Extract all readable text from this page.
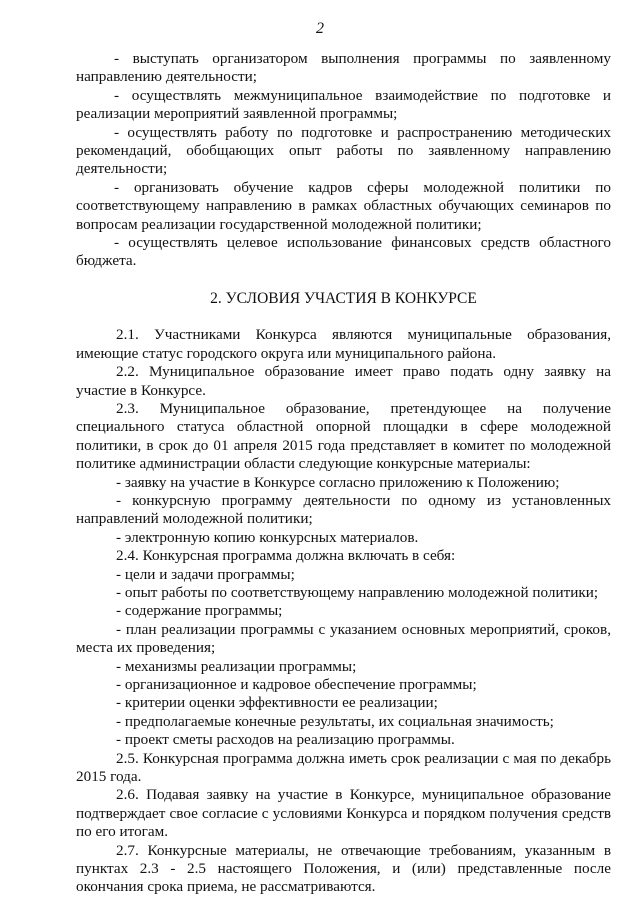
2

- выступать организатором выполнения программы по заявленному направлению деятельности;

- осуществлять межмуниципальное взаимодействие по подготовке и реализации мероприятий заявленной программы;

- осуществлять работу по подготовке и распространению методических рекомендаций, обобщающих опыт работы по заявленному направлению деятельности;

- организовать обучение кадров сферы молодежной политики по соответствующему направлению в рамках областных обучающих семинаров по вопросам реализации государственной молодежной политики;

- осуществлять целевое использование финансовых средств областного бюджета.

2. УСЛОВИЯ УЧАСТИЯ В КОНКУРСЕ

2.1. Участниками Конкурса являются муниципальные образования, имеющие статус городского округа или муниципального района.

2.2. Муниципальное образование имеет право подать одну заявку на участие в Конкурсе.

2.3. Муниципальное образование, претендующее на получение специального статуса областной опорной площадки в сфере молодежной политики, в срок до 01 апреля 2015 года представляет в комитет по молодежной политике администрации области следующие конкурсные материалы:

- заявку на участие в Конкурсе согласно приложению к Положению;

- конкурсную программу деятельности по одному из установленных направлений молодежной политики;

- электронную копию конкурсных материалов.

2.4. Конкурсная программа должна включать в себя:

- цели и задачи программы;

- опыт работы по соответствующему направлению молодежной политики;

- содержание программы;

- план реализации программы с указанием основных мероприятий, сроков, места их проведения;

- механизмы реализации программы;

- организационное и кадровое обеспечение программы;

- критерии оценки эффективности ее реализации;

- предполагаемые конечные результаты, их социальная значимость;

- проект сметы расходов на реализацию программы.

2.5. Конкурсная программа должна иметь срок реализации с мая по декабрь 2015 года.

2.6. Подавая заявку на участие в Конкурсе, муниципальное образование подтверждает свое согласие с условиями Конкурса и порядком получения средств по его итогам.

2.7. Конкурсные материалы, не отвечающие требованиям, указанным в пунктах 2.3 - 2.5 настоящего Положения, и (или) представленные после окончания срока приема, не рассматриваются.
